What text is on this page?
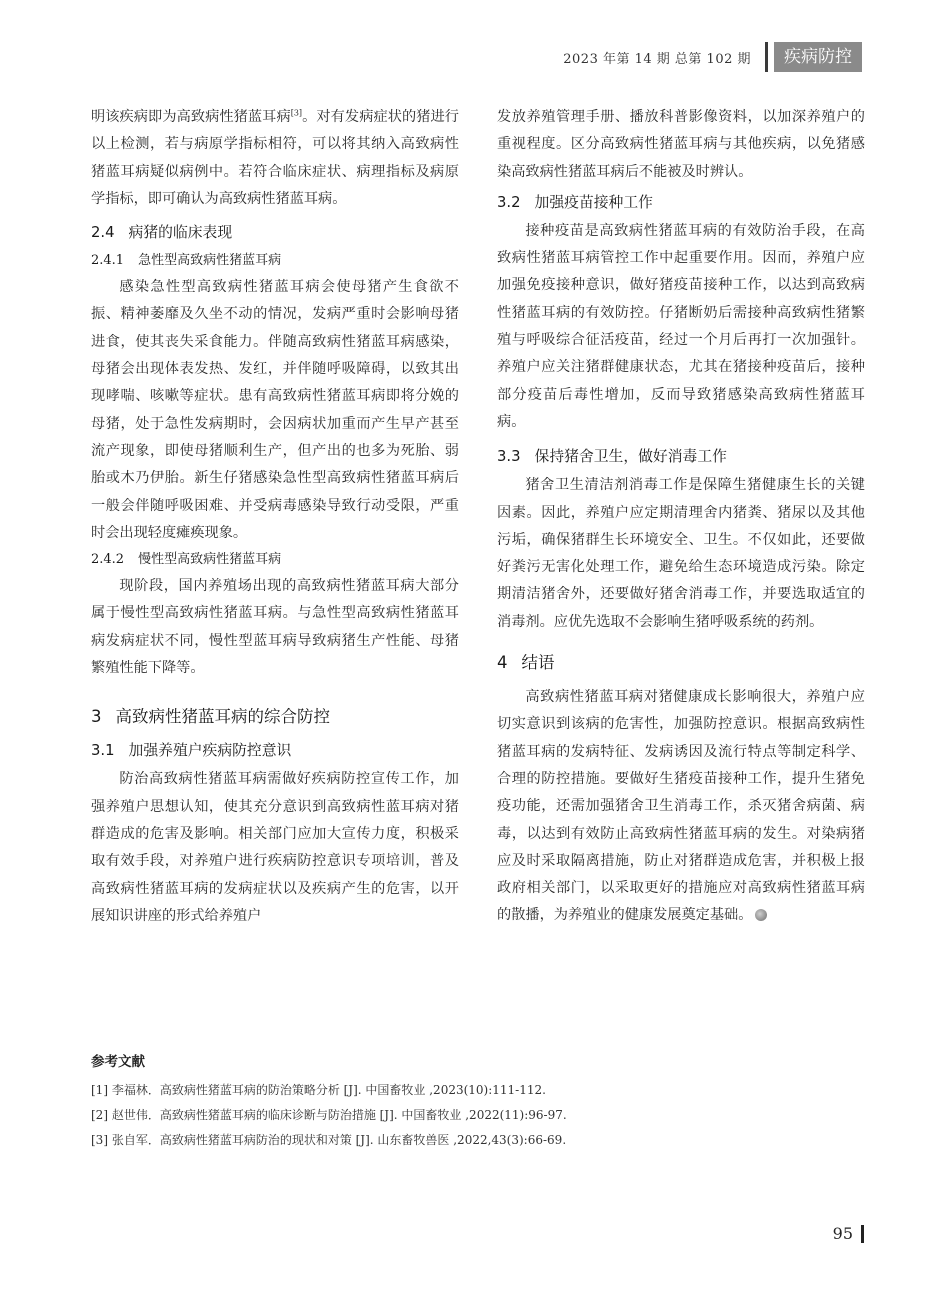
2023 年第 14 期 总第 102 期	疾病防控

明该疾病即为高致病性猪蓝耳病[3]。对有发病症状的猪进行以上检测，若与病原学指标相符，可以将其纳入高致病性猪蓝耳病疑似病例中。若符合临床症状、病理指标及病原学指标，即可确认为高致病性猪蓝耳病。

2.4 病猪的临床表现
2.4.1 急性型高致病性猪蓝耳病

感染急性型高致病性猪蓝耳病会使母猪产生食欲不振、精神萎靡及久坐不动的情况，发病严重时会影响母猪进食，使其丧失采食能力。伴随高致病性猪蓝耳病感染，母猪会出现体表发热、发红，并伴随呼吸障碍，以致其出现哮喘、咳嗽等症状。患有高致病性猪蓝耳病即将分娩的母猪，处于急性发病期时，会因病状加重而产生早产甚至流产现象，即使母猪顺利生产，但产出的也多为死胎、弱胎或木乃伊胎。新生仔猪感染急性型高致病性猪蓝耳病后一般会伴随呼吸困难、并受病毒感染导致行动受限，严重时会出现轻度瘫痪现象。

2.4.2 慢性型高致病性猪蓝耳病

现阶段，国内养殖场出现的高致病性猪蓝耳病大部分属于慢性型高致病性猪蓝耳病。与急性型高致病性猪蓝耳病发病症状不同，慢性型蓝耳病导致病猪生产性能、母猪繁殖性能下降等。

3 高致病性猪蓝耳病的综合防控
3.1 加强养殖户疾病防控意识

防治高致病性猪蓝耳病需做好疾病防控宣传工作，加强养殖户思想认知，使其充分意识到高致病性蓝耳病对猪群造成的危害及影响。相关部门应加大宣传力度，积极采取有效手段，对养殖户进行疾病防控意识专项培训，普及高致病性猪蓝耳病的发病症状以及疾病产生的危害，以开展知识讲座的形式给养殖户

发放养殖管理手册、播放科普影像资料，以加深养殖户的重视程度。区分高致病性猪蓝耳病与其他疾病，以免猪感染高致病性猪蓝耳病后不能被及时辨认。

3.2 加强疫苗接种工作

接种疫苗是高致病性猪蓝耳病的有效防治手段，在高致病性猪蓝耳病管控工作中起重要作用。因而，养殖户应加强免疫接种意识，做好猪疫苗接种工作，以达到高致病性猪蓝耳病的有效防控。仔猪断奶后需接种高致病性猪繁殖与呼吸综合征活疫苗，经过一个月后再打一次加强针。养殖户应关注猪群健康状态，尤其在猪接种疫苗后，接种部分疫苗后毒性增加，反而导致猪感染高致病性猪蓝耳病。

3.3 保持猪舍卫生，做好消毒工作

猪舍卫生清洁剂消毒工作是保障生猪健康生长的关键因素。因此，养殖户应定期清理舍内猪粪、猪尿以及其他污垢，确保猪群生长环境安全、卫生。不仅如此，还要做好粪污无害化处理工作，避免给生态环境造成污染。除定期清洁猪舍外，还要做好猪舍消毒工作，并要选取适宜的消毒剂。应优先选取不会影响生猪呼吸系统的药剂。

4 结语

高致病性猪蓝耳病对猪健康成长影响很大，养殖户应切实意识到该病的危害性，加强防控意识。根据高致病性猪蓝耳病的发病特征、发病诱因及流行特点等制定科学、合理的防控措施。要做好生猪疫苗接种工作，提升生猪免疫功能，还需加强猪舍卫生消毒工作，杀灭猪舍病菌、病毒，以达到有效防止高致病性猪蓝耳病的发生。对染病猪应及时采取隔离措施，防止对猪群造成危害，并积极上报政府相关部门，以采取更好的措施应对高致病性猪蓝耳病的散播，为养殖业的健康发展奠定基础。

参考文献
[1] 李福林．高致病性猪蓝耳病的防治策略分析 [J]. 中国畜牧业 ,2023(10):111-112.
[2] 赵世伟．高致病性猪蓝耳病的临床诊断与防治措施 [J]. 中国畜牧业 ,2022(11):96-97.
[3] 张自军．高致病性猪蓝耳病防治的现状和对策 [J]. 山东畜牧兽医 ,2022,43(3):66-69.
95
